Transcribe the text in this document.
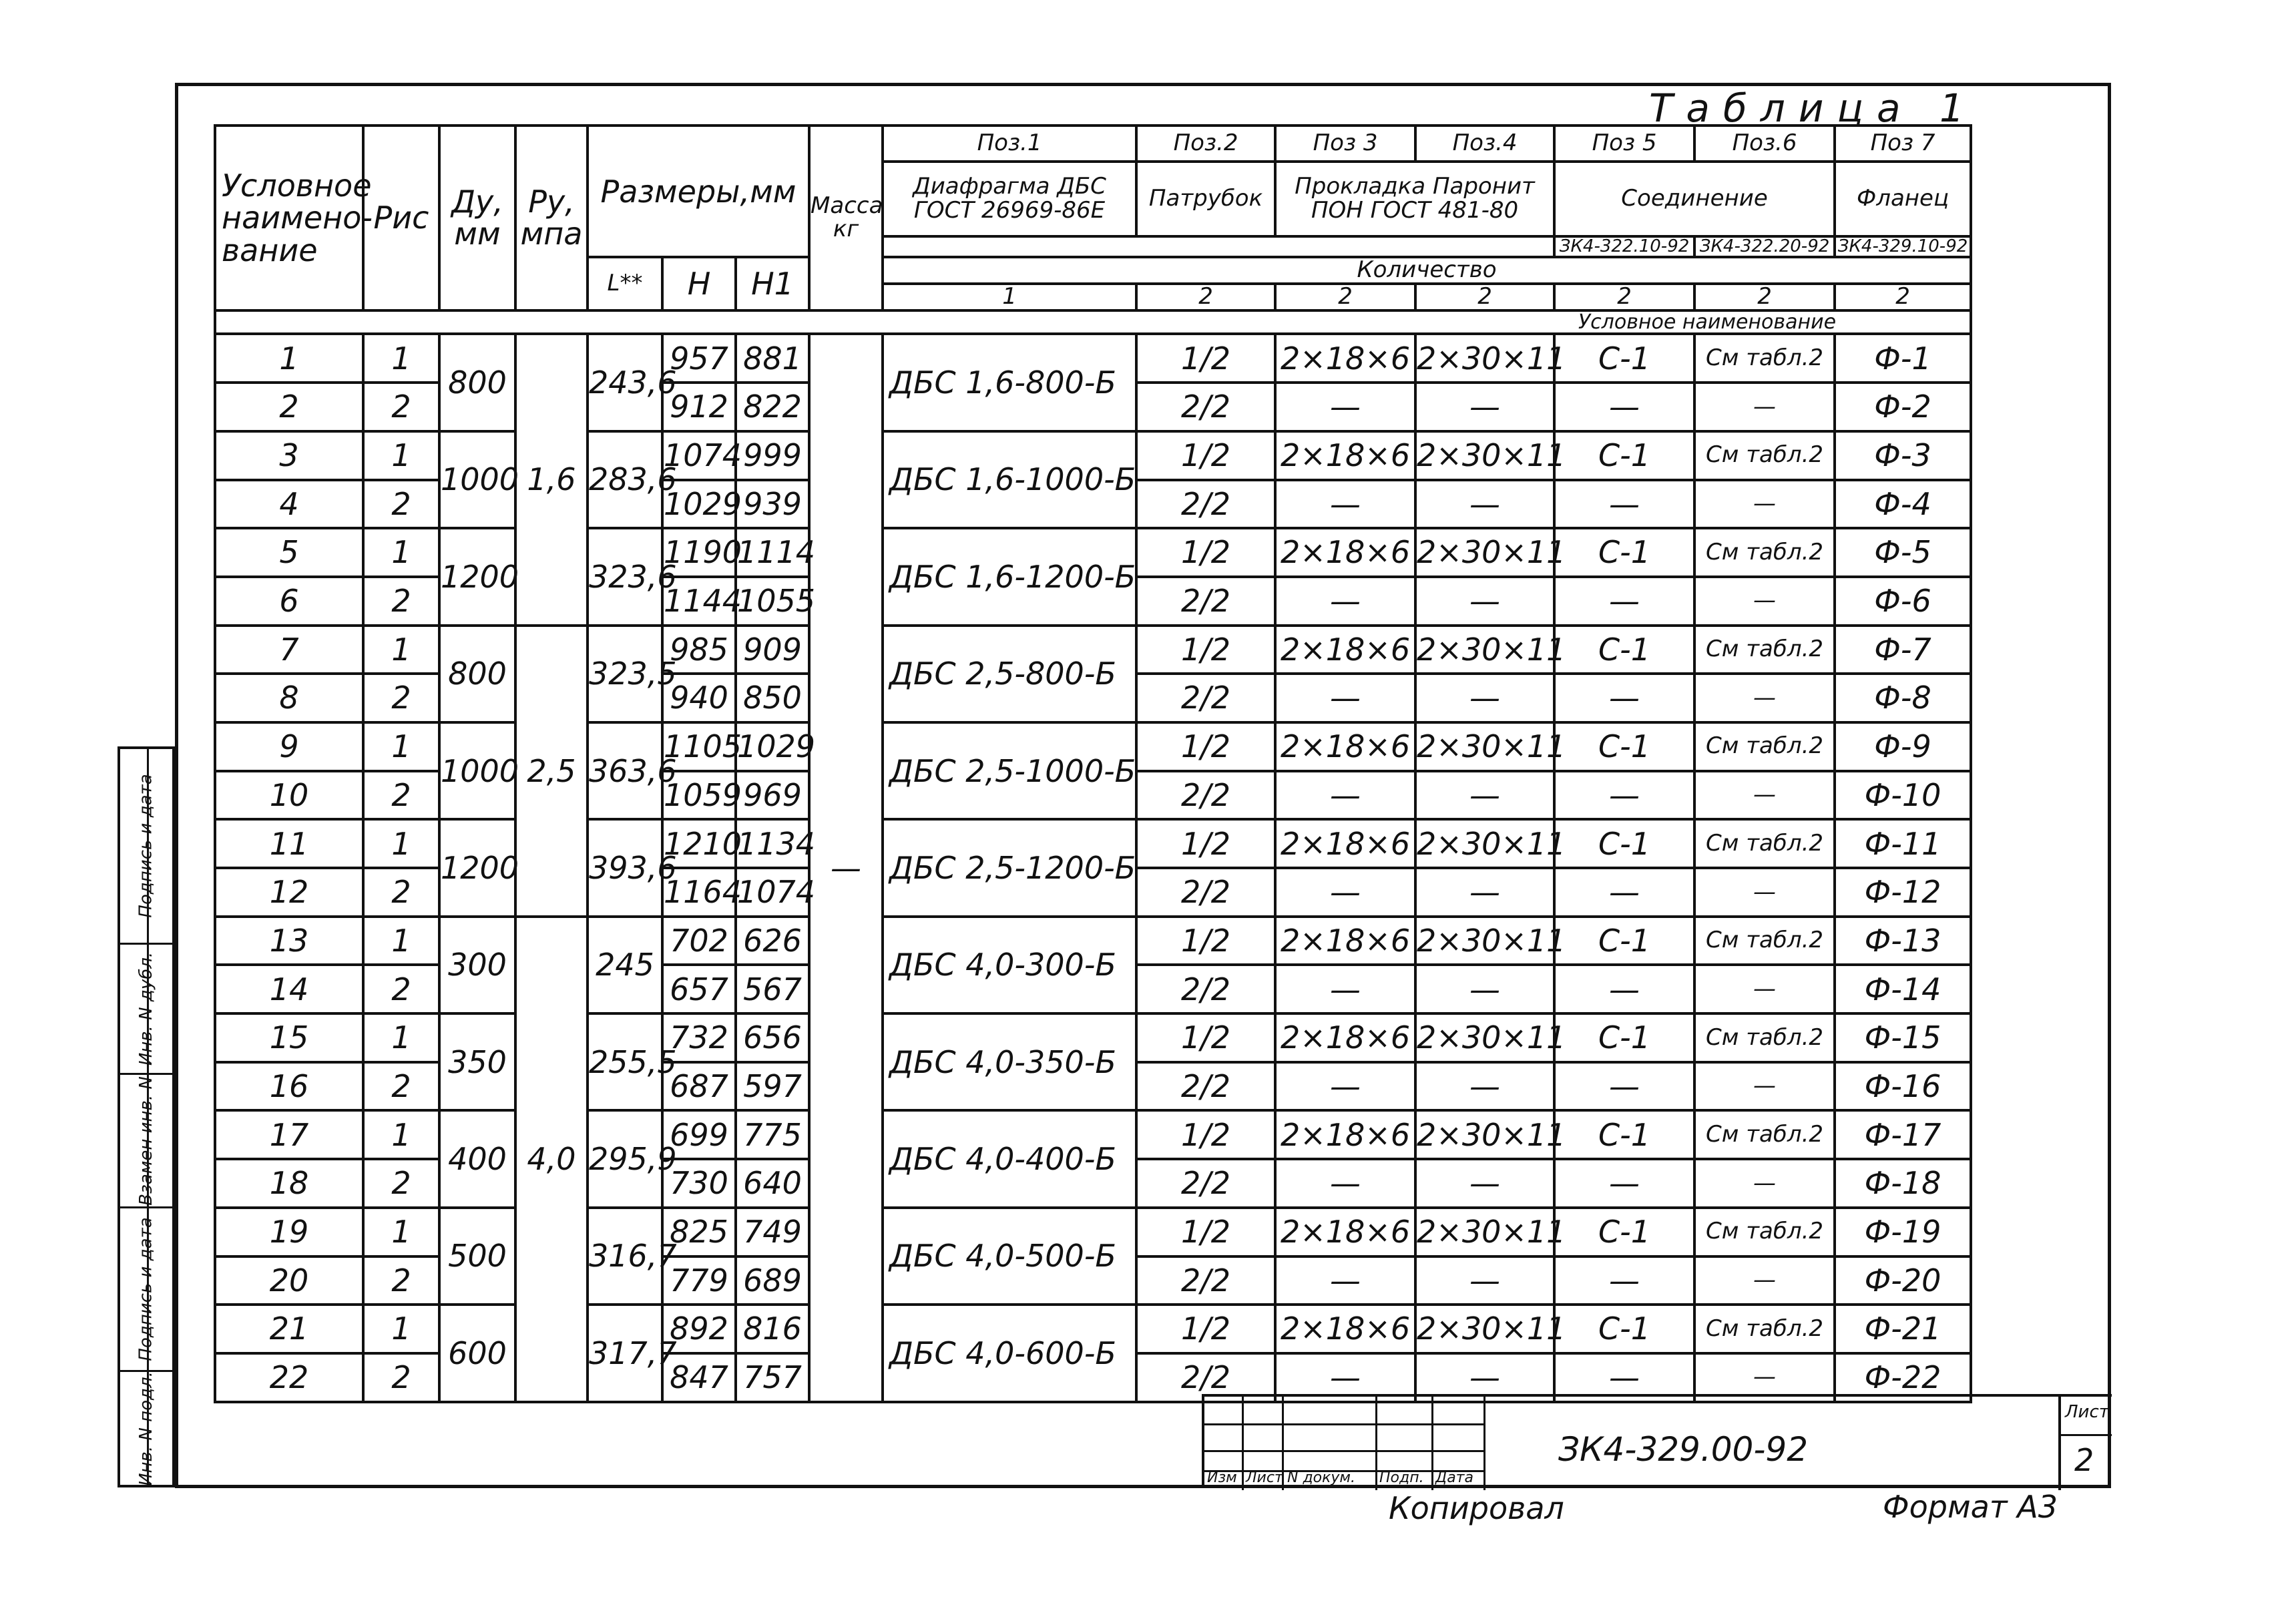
Таблица 1
Условное наимено- вание	Рис	Ду, мм	Ру, мпа	Размеры,мм			Масса кг	Поз.1	Поз.2	Поз 3	Поз.4	Поз 5	Поз.6	Поз 7
								Диафрагма ДБС ГОСТ 26969-86Е	Патрубок	Прокладка Паронит ПОН ГОСТ 481-80		Соединение		Фланец
												ЗК4-322.10-92	ЗК4-322.20-92	ЗК4-329.10-92
				L**	H	H1		Количество						
								1	2	2	2	2	2	2
Условное наименование														
1	1	800	1,6	243,6	957	881	—	ДБС 1,6-800-Б	1/2	2×18×6	2×30×11	С-1	См табл.2	Ф-1
2	2				912	822			2/2	—	—	—	—	Ф-2
3	1	1000		283,6	1074	999		ДБС 1,6-1000-Б	1/2	2×18×6	2×30×11	С-1	См табл.2	Ф-3
4	2				1029	939			2/2	—	—	—	—	Ф-4
5	1	1200		323,6	1190	1114		ДБС 1,6-1200-Б	1/2	2×18×6	2×30×11	С-1	См табл.2	Ф-5
6	2				1144	1055			2/2	—	—	—	—	Ф-6
7	1	800	2,5	323,5	985	909		ДБС 2,5-800-Б	1/2	2×18×6	2×30×11	С-1	См табл.2	Ф-7
8	2				940	850			2/2	—	—	—	—	Ф-8
9	1	1000		363,6	1105	1029		ДБС 2,5-1000-Б	1/2	2×18×6	2×30×11	С-1	См табл.2	Ф-9
10	2				1059	969			2/2	—	—	—	—	Ф-10
11	1	1200		393,6	1210	1134		ДБС 2,5-1200-Б	1/2	2×18×6	2×30×11	С-1	См табл.2	Ф-11
12	2				1164	1074			2/2	—	—	—	—	Ф-12
13	1	300	4,0	245	702	626		ДБС 4,0-300-Б	1/2	2×18×6	2×30×11	С-1	См табл.2	Ф-13
14	2				657	567			2/2	—	—	—	—	Ф-14
15	1	350		255,5	732	656		ДБС 4,0-350-Б	1/2	2×18×6	2×30×11	С-1	См табл.2	Ф-15
16	2				687	597			2/2	—	—	—	—	Ф-16
17	1	400		295,9	699	775		ДБС 4,0-400-Б	1/2	2×18×6	2×30×11	С-1	См табл.2	Ф-17
18	2				730	640			2/2	—	—	—	—	Ф-18
19	1	500		316,7	825	749		ДБС 4,0-500-Б	1/2	2×18×6	2×30×11	С-1	См табл.2	Ф-19
20	2				779	689			2/2	—	—	—	—	Ф-20
21	1	600		317,7	892	816		ДБС 4,0-600-Б	1/2	2×18×6	2×30×11	С-1	См табл.2	Ф-21
22	2				847	757			2/2	—	—	—	—	Ф-22
Подпись и дата
Инв. N дубл.
Взамен инв. N
Подпись и дата
Инв. N подл.	Изм Лист N докум. Подп. Дата
ЗК4-329.00-92
Лист
2
Копировал	Формат А3
